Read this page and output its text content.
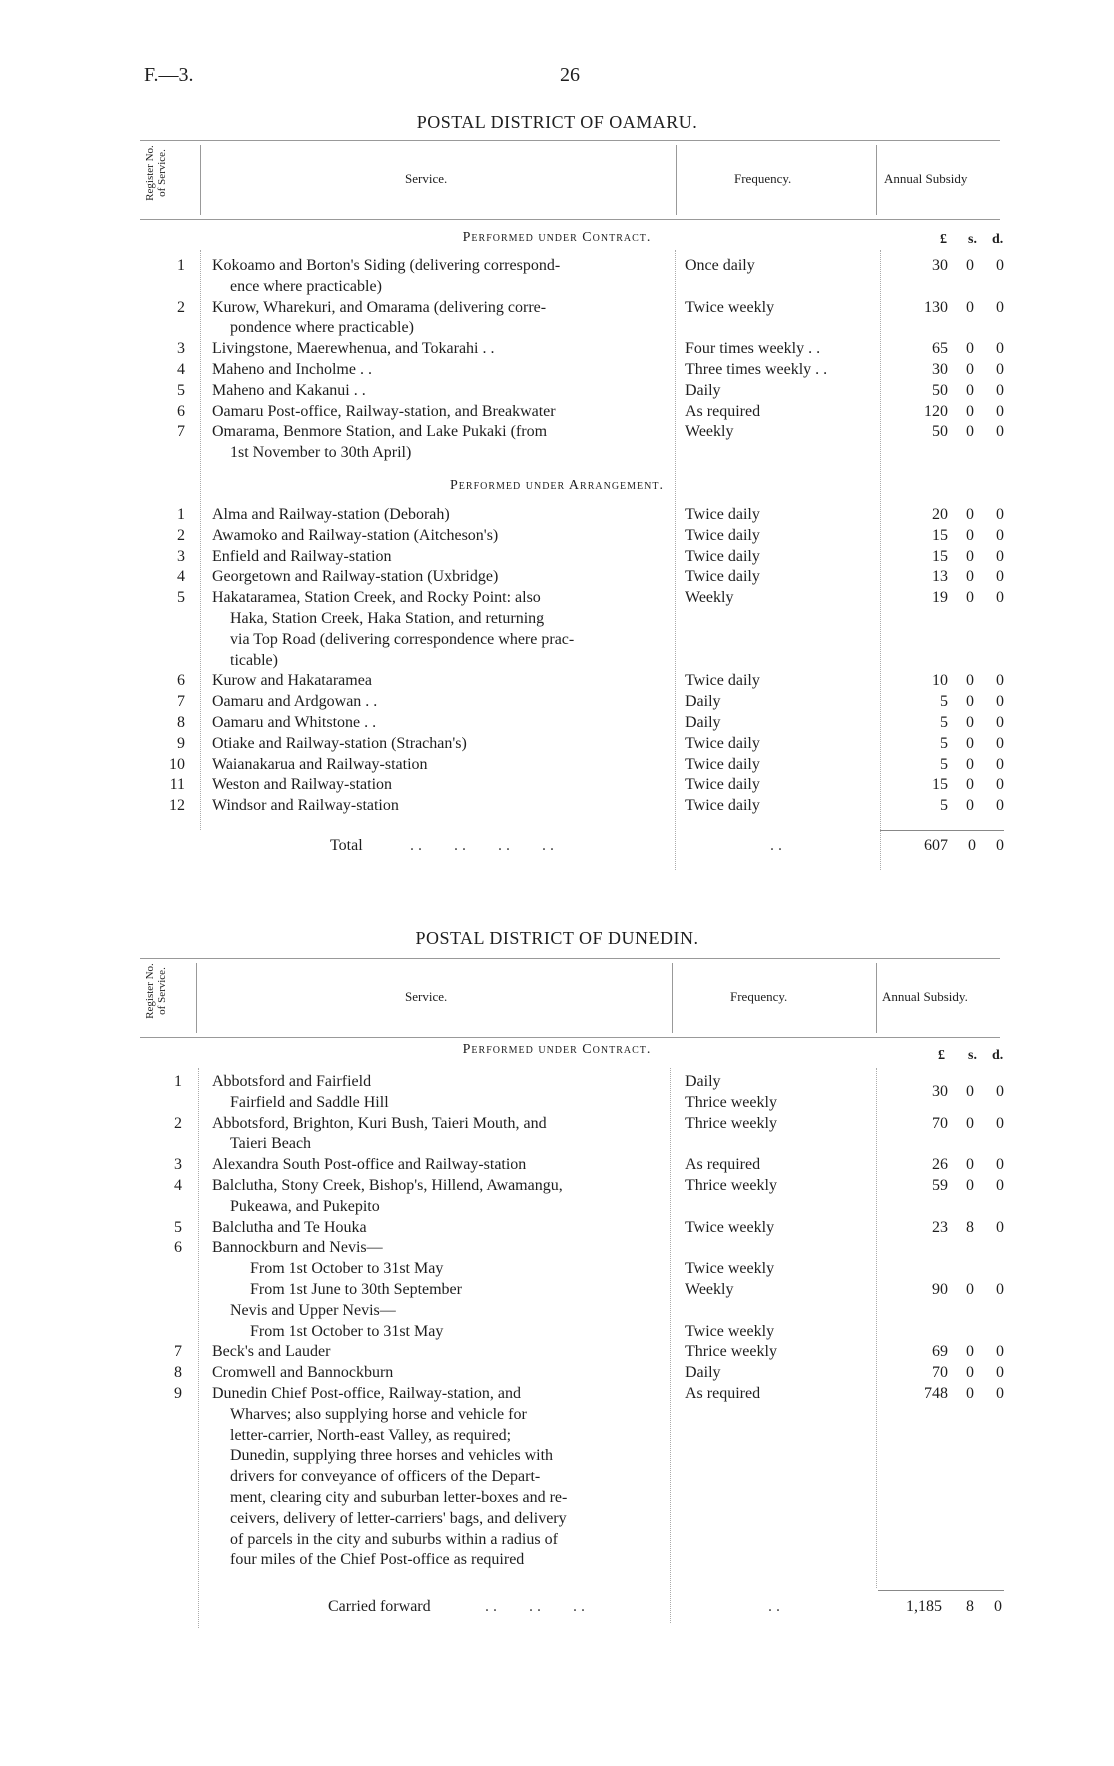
F.—3.	26
POSTAL DISTRICT OF OAMARU.
Register No. of Service.	Service.	Frequency.	Annual Subsidy
Performed under Contract.	£ s. d.
1 Kokoamo and Borton's Siding (delivering correspond-
ence where practicable)
Once daily	30	0	0
2 Kurow, Wharekuri, and Omarama (delivering corre-
pondence where practicable)
Twice weekly	130	0	0
3 Livingstone, Maerewhenua, and Tokarahi . .	Four times weekly . .	65	0	0
4 Maheno and Incholme . .	Three times weekly . .	30	0	0
5 Maheno and Kakanui . .	Daily	50	0	0
6 Oamaru Post-office, Railway-station, and Breakwater	As required	120	0	0
7 Omarama, Benmore Station, and Lake Pukaki (from
1st November to 30th April)
Weekly	50	0	0
Performed under Arrangement.
1 Alma and Railway-station (Deborah)	Twice daily	20	0	0
2 Awamoko and Railway-station (Aitcheson's)	Twice daily	15	0	0
3 Enfield and Railway-station	Twice daily	15	0	0
4 Georgetown and Railway-station (Uxbridge)	Twice daily	13	0	0
5 Hakataramea, Station Creek, and Rocky Point: also
Haka, Station Creek, Haka Station, and returning
via Top Road (delivering correspondence where prac-
ticable)
Weekly	19	0	0
6 Kurow and Hakataramea	Twice daily	10	0	0
7 Oamaru and Ardgowan . .	Daily	5	0	0
8 Oamaru and Whitstone . .	Daily	5	0	0
9 Otiake and Railway-station (Strachan's)	Twice daily	5	0	0
10 Waianakarua and Railway-station	Twice daily	5	0	0
11 Weston and Railway-station	Twice daily	15	0	0
12 Windsor and Railway-station	Twice daily	5	0	0
Total	. .        . .        . .        . .	. .	607	0	0
POSTAL DISTRICT OF DUNEDIN.
Register No. of Service.	Service.	Frequency.	Annual Subsidy.
Performed under Contract.	£ s. d.
1 Abbotsford and Fairfield	Daily
Fairfield and Saddle Hill	Thrice weekly
30	0	0
2 Abbotsford, Brighton, Kuri Bush, Taieri Mouth, and
Taieri Beach
Thrice weekly	70	0	0
3 Alexandra South Post-office and Railway-station	As required	26	0	0
4 Balclutha, Stony Creek, Bishop's, Hillend, Awamangu,
Pukeawa, and Pukepito
Thrice weekly	59	0	0
5 Balclutha and Te Houka	Twice weekly	23	8	0
6 Bannockburn and Nevis—
From 1st October to 31st May	Twice weekly
From 1st June to 30th September	Weekly	90	0	0
Nevis and Upper Nevis—
From 1st October to 31st May	Twice weekly
7 Beck's and Lauder	Thrice weekly	69	0	0
8 Cromwell and Bannockburn	Daily	70	0	0
9 Dunedin Chief Post-office, Railway-station, and
Wharves; also supplying horse and vehicle for
letter-carrier, North-east Valley, as required;
Dunedin, supplying three horses and vehicles with
drivers for conveyance of officers of the Depart-
ment, clearing city and suburban letter-boxes and re-
ceivers, delivery of letter-carriers' bags, and delivery
of parcels in the city and suburbs within a radius of
four miles of the Chief Post-office as required
As required	748	0	0
Carried forward	. .        . .        . .	. .	1,185	8	0
